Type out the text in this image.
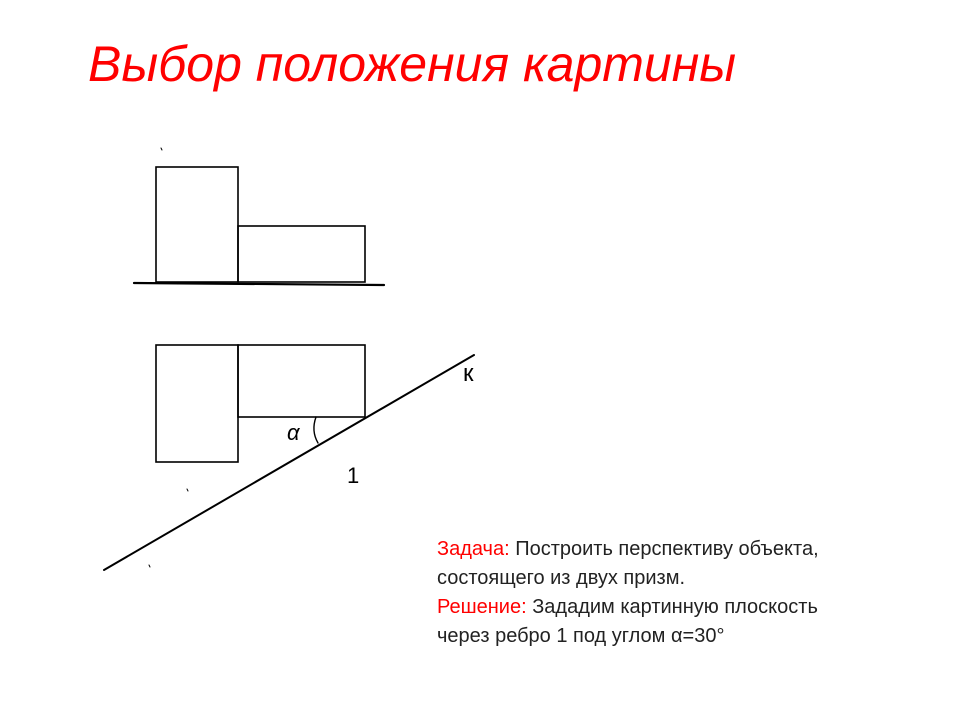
Выбор положения картины
к
α
1

Задача: Построить перспективу объекта,

состоящего из двух призм.

Решение: Зададим картинную плоскость

через ребро 1 под углом α=30°
